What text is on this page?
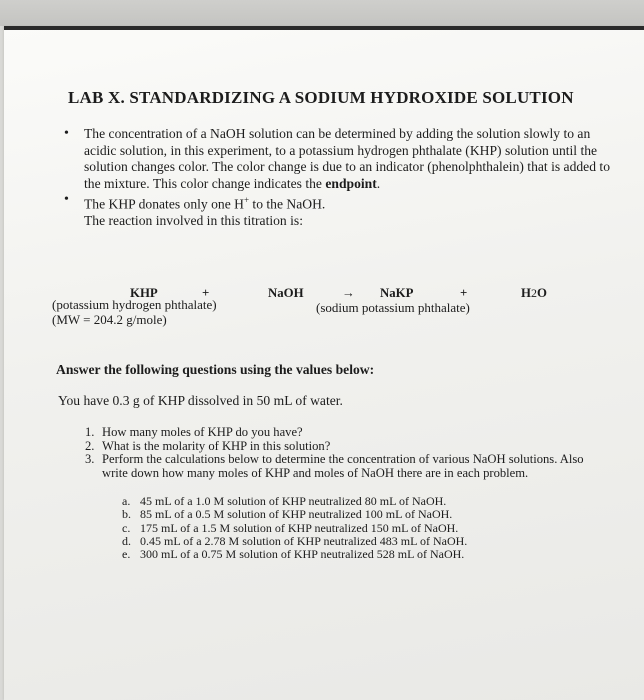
LAB X. STANDARDIZING A SODIUM HYDROXIDE SOLUTION
• The concentration of a NaOH solution can be determined by adding the solution slowly to an acidic solution, in this experiment, to a potassium hydrogen phthalate (KHP) solution until the solution changes color. The color change is due to an indicator (phenolphthalein) that is added to the mixture. This color change indicates the endpoint.
• The KHP donates only one H+ to the NaOH.
The reaction involved in this titration is:
KHP	+	NaOH	→ NaKP	+	H2O
(potassium hydrogen phthalate)
(MW = 204.2 g/mole)
(sodium potassium phthalate)
Answer the following questions using the values below:
You have 0.3 g of KHP dissolved in 50 mL of water.
1. How many moles of KHP do you have?
2. What is the molarity of KHP in this solution?
3. Perform the calculations below to determine the concentration of various NaOH solutions. Also write down how many moles of KHP and moles of NaOH there are in each problem.
a. 45 mL of a 1.0 M solution of KHP neutralized 80 mL of NaOH.
b. 85 mL of a 0.5 M solution of KHP neutralized 100 mL of NaOH.
c. 175 mL of a 1.5 M solution of KHP neutralized 150 mL of NaOH.
d. 0.45 mL of a 2.78 M solution of KHP neutralized 483 mL of NaOH.
e. 300 mL of a 0.75 M solution of KHP neutralized 528 mL of NaOH.
